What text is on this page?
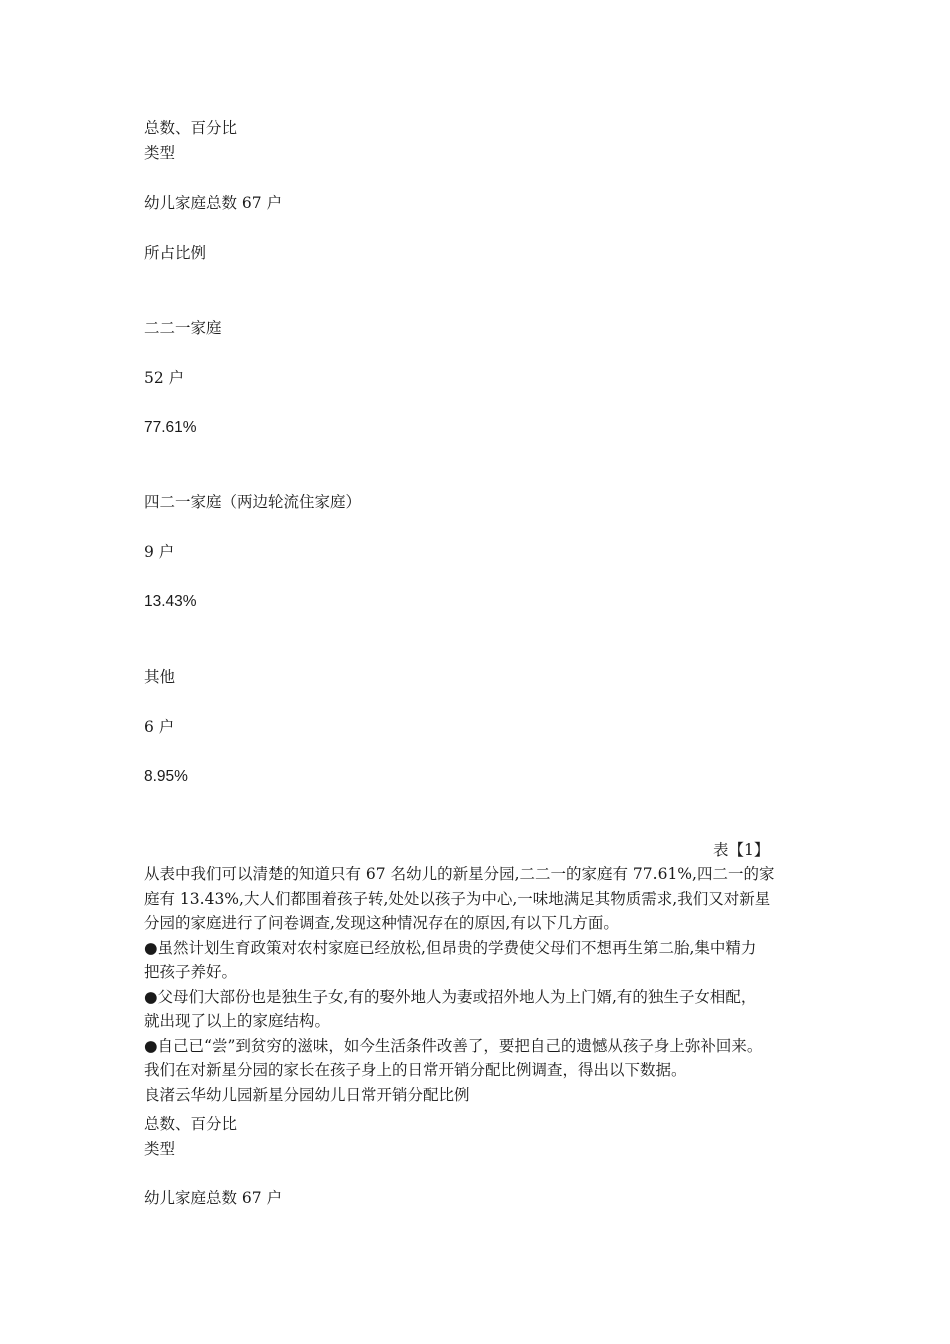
总数、百分比
类型
幼儿家庭总数 67 户
所占比例
二二一家庭
52 户
77.61%
四二一家庭（两边轮流住家庭）
9 户
13.43%
其他
6 户
8.95%
表【1】
从表中我们可以清楚的知道只有 67 名幼儿的新星分园,二二一的家庭有 77.61%,四二一的家
庭有 13.43%,大人们都围着孩子转,处处以孩子为中心,一味地满足其物质需求,我们又对新星
分园的家庭进行了问卷调查,发现这种情况存在的原因,有以下几方面。
●虽然计划生育政策对农村家庭已经放松,但昂贵的学费使父母们不想再生第二胎,集中精力
把孩子养好。
●父母们大部份也是独生子女,有的娶外地人为妻或招外地人为上门婿,有的独生子女相配，
就出现了以上的家庭结构。
●自己已“尝”到贫穷的滋味，如今生活条件改善了，要把自己的遗憾从孩子身上弥补回来。
我们在对新星分园的家长在孩子身上的日常开销分配比例调查，得出以下数据。
良渚云华幼儿园新星分园幼儿日常开销分配比例
总数、百分比
类型
幼儿家庭总数 67 户
